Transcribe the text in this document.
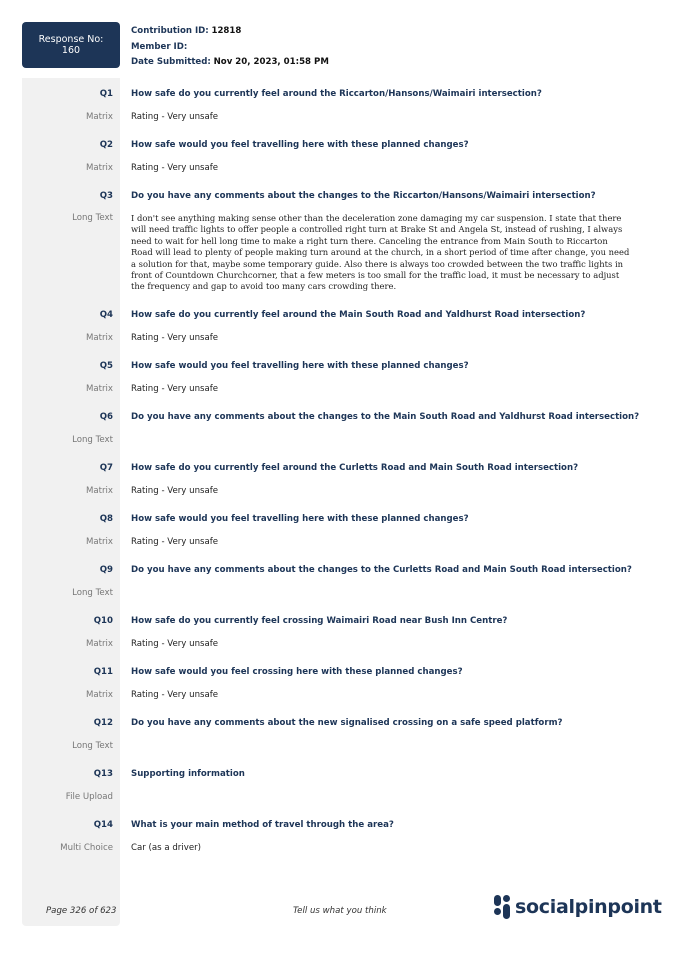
Response No:
160
Contribution ID: 12818
Member ID:
Date Submitted: Nov 20, 2023, 01:58 PM
Q1 How safe do you currently feel around the Riccarton/Hansons/Waimairi intersection?
Matrix Rating - Very unsafe
Q2 How safe would you feel travelling here with these planned changes?
Matrix Rating - Very unsafe
Q3 Do you have any comments about the changes to the Riccarton/Hansons/Waimairi intersection?
Long Text I don't see anything making sense other than the deceleration zone damaging my car suspension. I state that there will need traffic lights to offer people a controlled right turn at Brake St and Angela St, instead of rushing, I always need to wait for hell long time to make a right turn there. Canceling the entrance from Main South to Riccarton Road will lead to plenty of people making turn around at the church, in a short period of time after change, you need a solution for that, maybe some temporary guide. Also there is always too crowded between the two traffic lights in front of Countdown Churchcorner, that a few meters is too small for the traffic load, it must be necessary to adjust the frequency and gap to avoid too many cars crowding there.
Q4 How safe do you currently feel around the Main South Road and Yaldhurst Road intersection?
Matrix Rating - Very unsafe
Q5 How safe would you feel travelling here with these planned changes?
Matrix Rating - Very unsafe
Q6 Do you have any comments about the changes to the Main South Road and Yaldhurst Road intersection?
Long Text
Q7 How safe do you currently feel around the Curletts Road and Main South Road intersection?
Matrix Rating - Very unsafe
Q8 How safe would you feel travelling here with these planned changes?
Matrix Rating - Very unsafe
Q9 Do you have any comments about the changes to the Curletts Road and Main South Road intersection?
Long Text
Q10 How safe do you currently feel crossing Waimairi Road near Bush Inn Centre?
Matrix Rating - Very unsafe
Q11 How safe would you feel crossing here with these planned changes?
Matrix Rating - Very unsafe
Q12 Do you have any comments about the new signalised crossing on a safe speed platform?
Long Text
Q13 Supporting information
File Upload
Q14 What is your main method of travel through the area?
Multi Choice Car (as a driver)
Page 326 of 623	Tell us what you think	socialpinpoint
